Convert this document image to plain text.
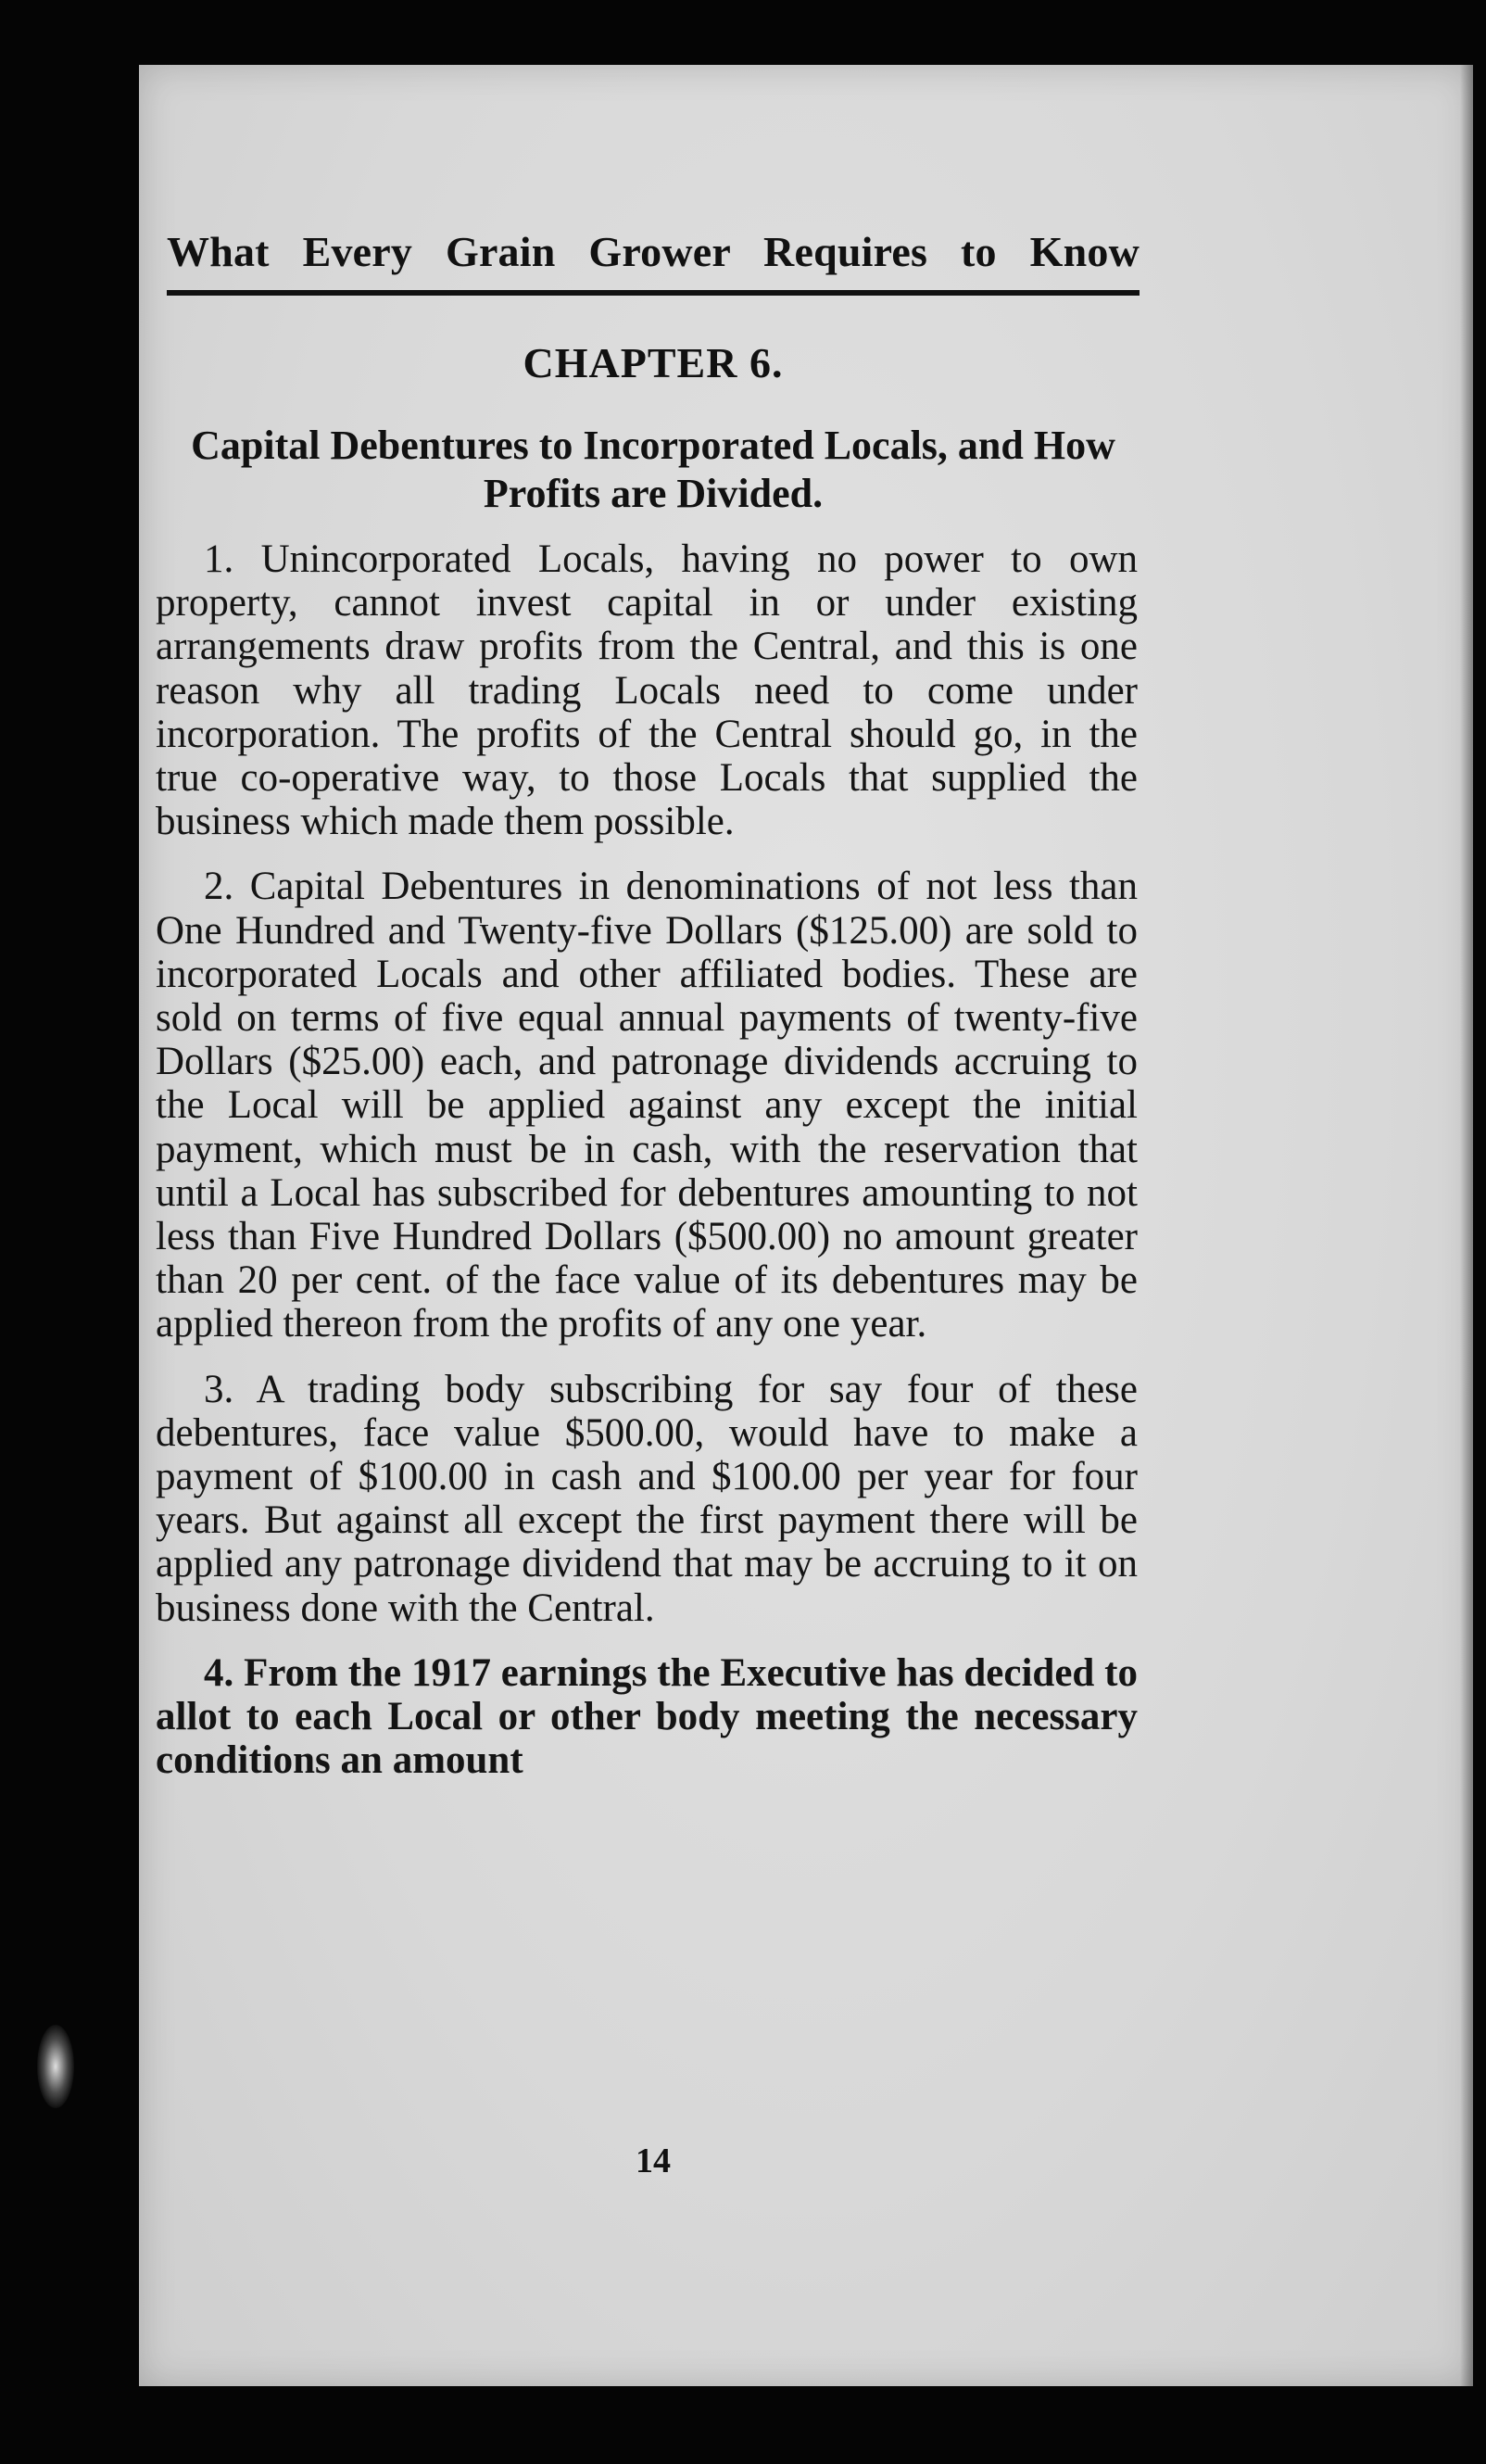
What Every Grain Grower Requires to Know
CHAPTER 6.
Capital Debentures to Incorporated Locals, and How Profits are Divided.

1. Unincorporated Locals, having no power to own property, cannot invest capital in or under existing arrangements draw profits from the Central, and this is one reason why all trading Locals need to come under incorporation. The profits of the Central should go, in the true co-operative way, to those Locals that supplied the business which made them possible.

2. Capital Debentures in denominations of not less than One Hundred and Twenty-five Dollars ($125.00) are sold to incorporated Locals and other affiliated bodies. These are sold on terms of five equal annual payments of twenty-five Dollars ($25.00) each, and patronage dividends accruing to the Local will be applied against any except the initial payment, which must be in cash, with the reservation that until a Local has subscribed for debentures amounting to not less than Five Hundred Dollars ($500.00) no amount greater than 20 per cent. of the face value of its debentures may be applied thereon from the profits of any one year.

3. A trading body subscribing for say four of these debentures, face value $500.00, would have to make a payment of $100.00 in cash and $100.00 per year for four years. But against all except the first payment there will be applied any patronage dividend that may be accruing to it on business done with the Central.

4. From the 1917 earnings the Executive has decided to allot to each Local or other body meeting the necessary conditions an amount

14
